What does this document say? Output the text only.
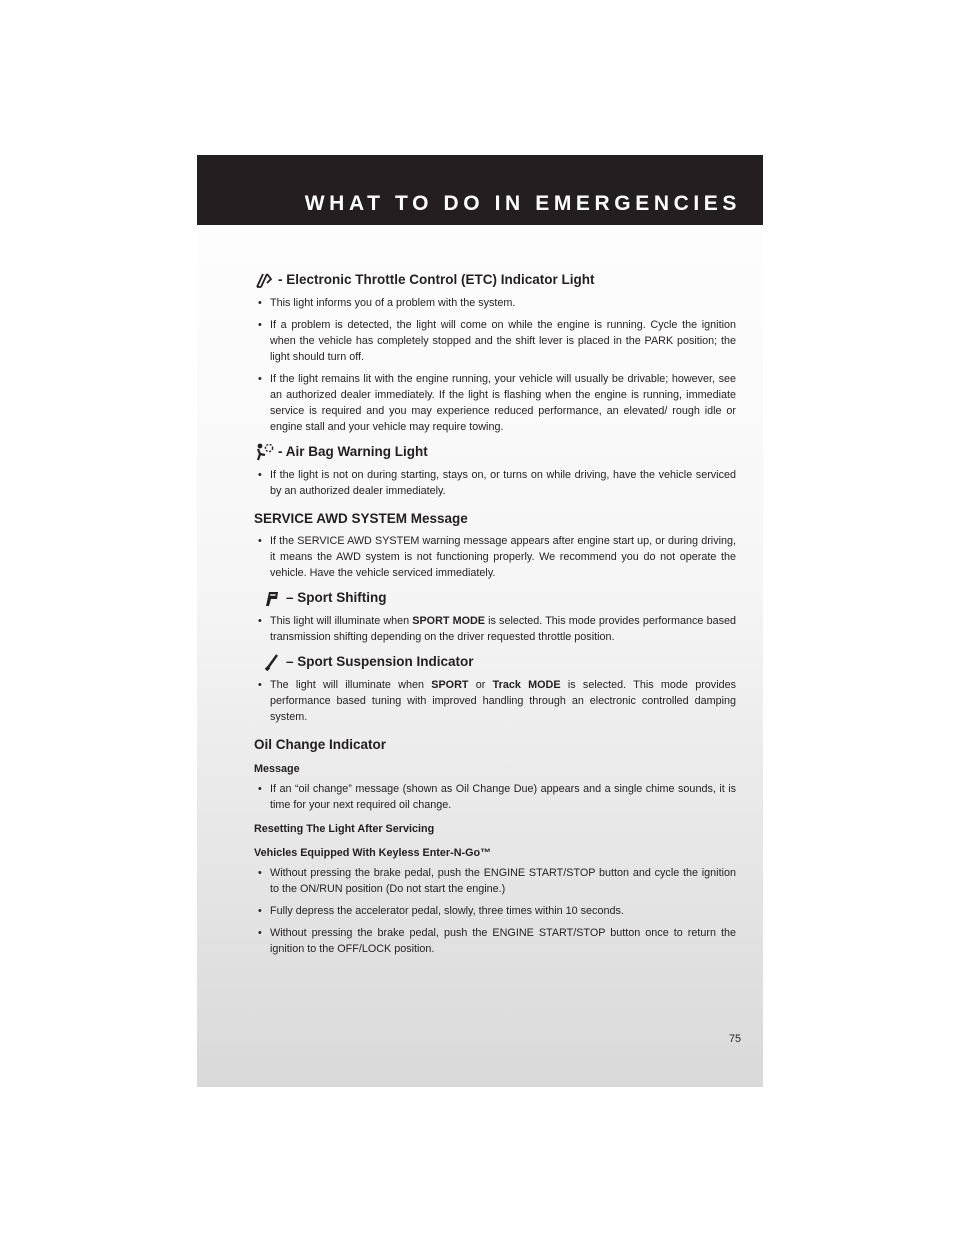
WHAT TO DO IN EMERGENCIES
- Electronic Throttle Control (ETC) Indicator Light
• This light informs you of a problem with the system.
• If a problem is detected, the light will come on while the engine is running. Cycle the ignition when the vehicle has completely stopped and the shift lever is placed in the PARK position; the light should turn off.
• If the light remains lit with the engine running, your vehicle will usually be drivable; however, see an authorized dealer immediately. If the light is flashing when the engine is running, immediate service is required and you may experience reduced performance, an elevated/ rough idle or engine stall and your vehicle may require towing.
- Air Bag Warning Light
• If the light is not on during starting, stays on, or turns on while driving, have the vehicle serviced by an authorized dealer immediately.
SERVICE AWD SYSTEM Message
• If the SERVICE AWD SYSTEM warning message appears after engine start up, or during driving, it means the AWD system is not functioning properly. We recommend you do not operate the vehicle. Have the vehicle serviced immediately.
– Sport Shifting
• This light will illuminate when SPORT MODE is selected. This mode provides performance based transmission shifting depending on the driver requested throttle position.
– Sport Suspension Indicator
• The light will illuminate when SPORT or Track MODE is selected. This mode provides performance based tuning with improved handling through an electronic controlled damping system.
Oil Change Indicator
Message
• If an “oil change” message (shown as Oil Change Due) appears and a single chime sounds, it is time for your next required oil change.
Resetting The Light After Servicing
Vehicles Equipped With Keyless Enter-N-Go™
• Without pressing the brake pedal, push the ENGINE START/STOP button and cycle the ignition to the ON/RUN position (Do not start the engine.)
• Fully depress the accelerator pedal, slowly, three times within 10 seconds.
• Without pressing the brake pedal, push the ENGINE START/STOP button once to return the ignition to the OFF/LOCK position.
75
